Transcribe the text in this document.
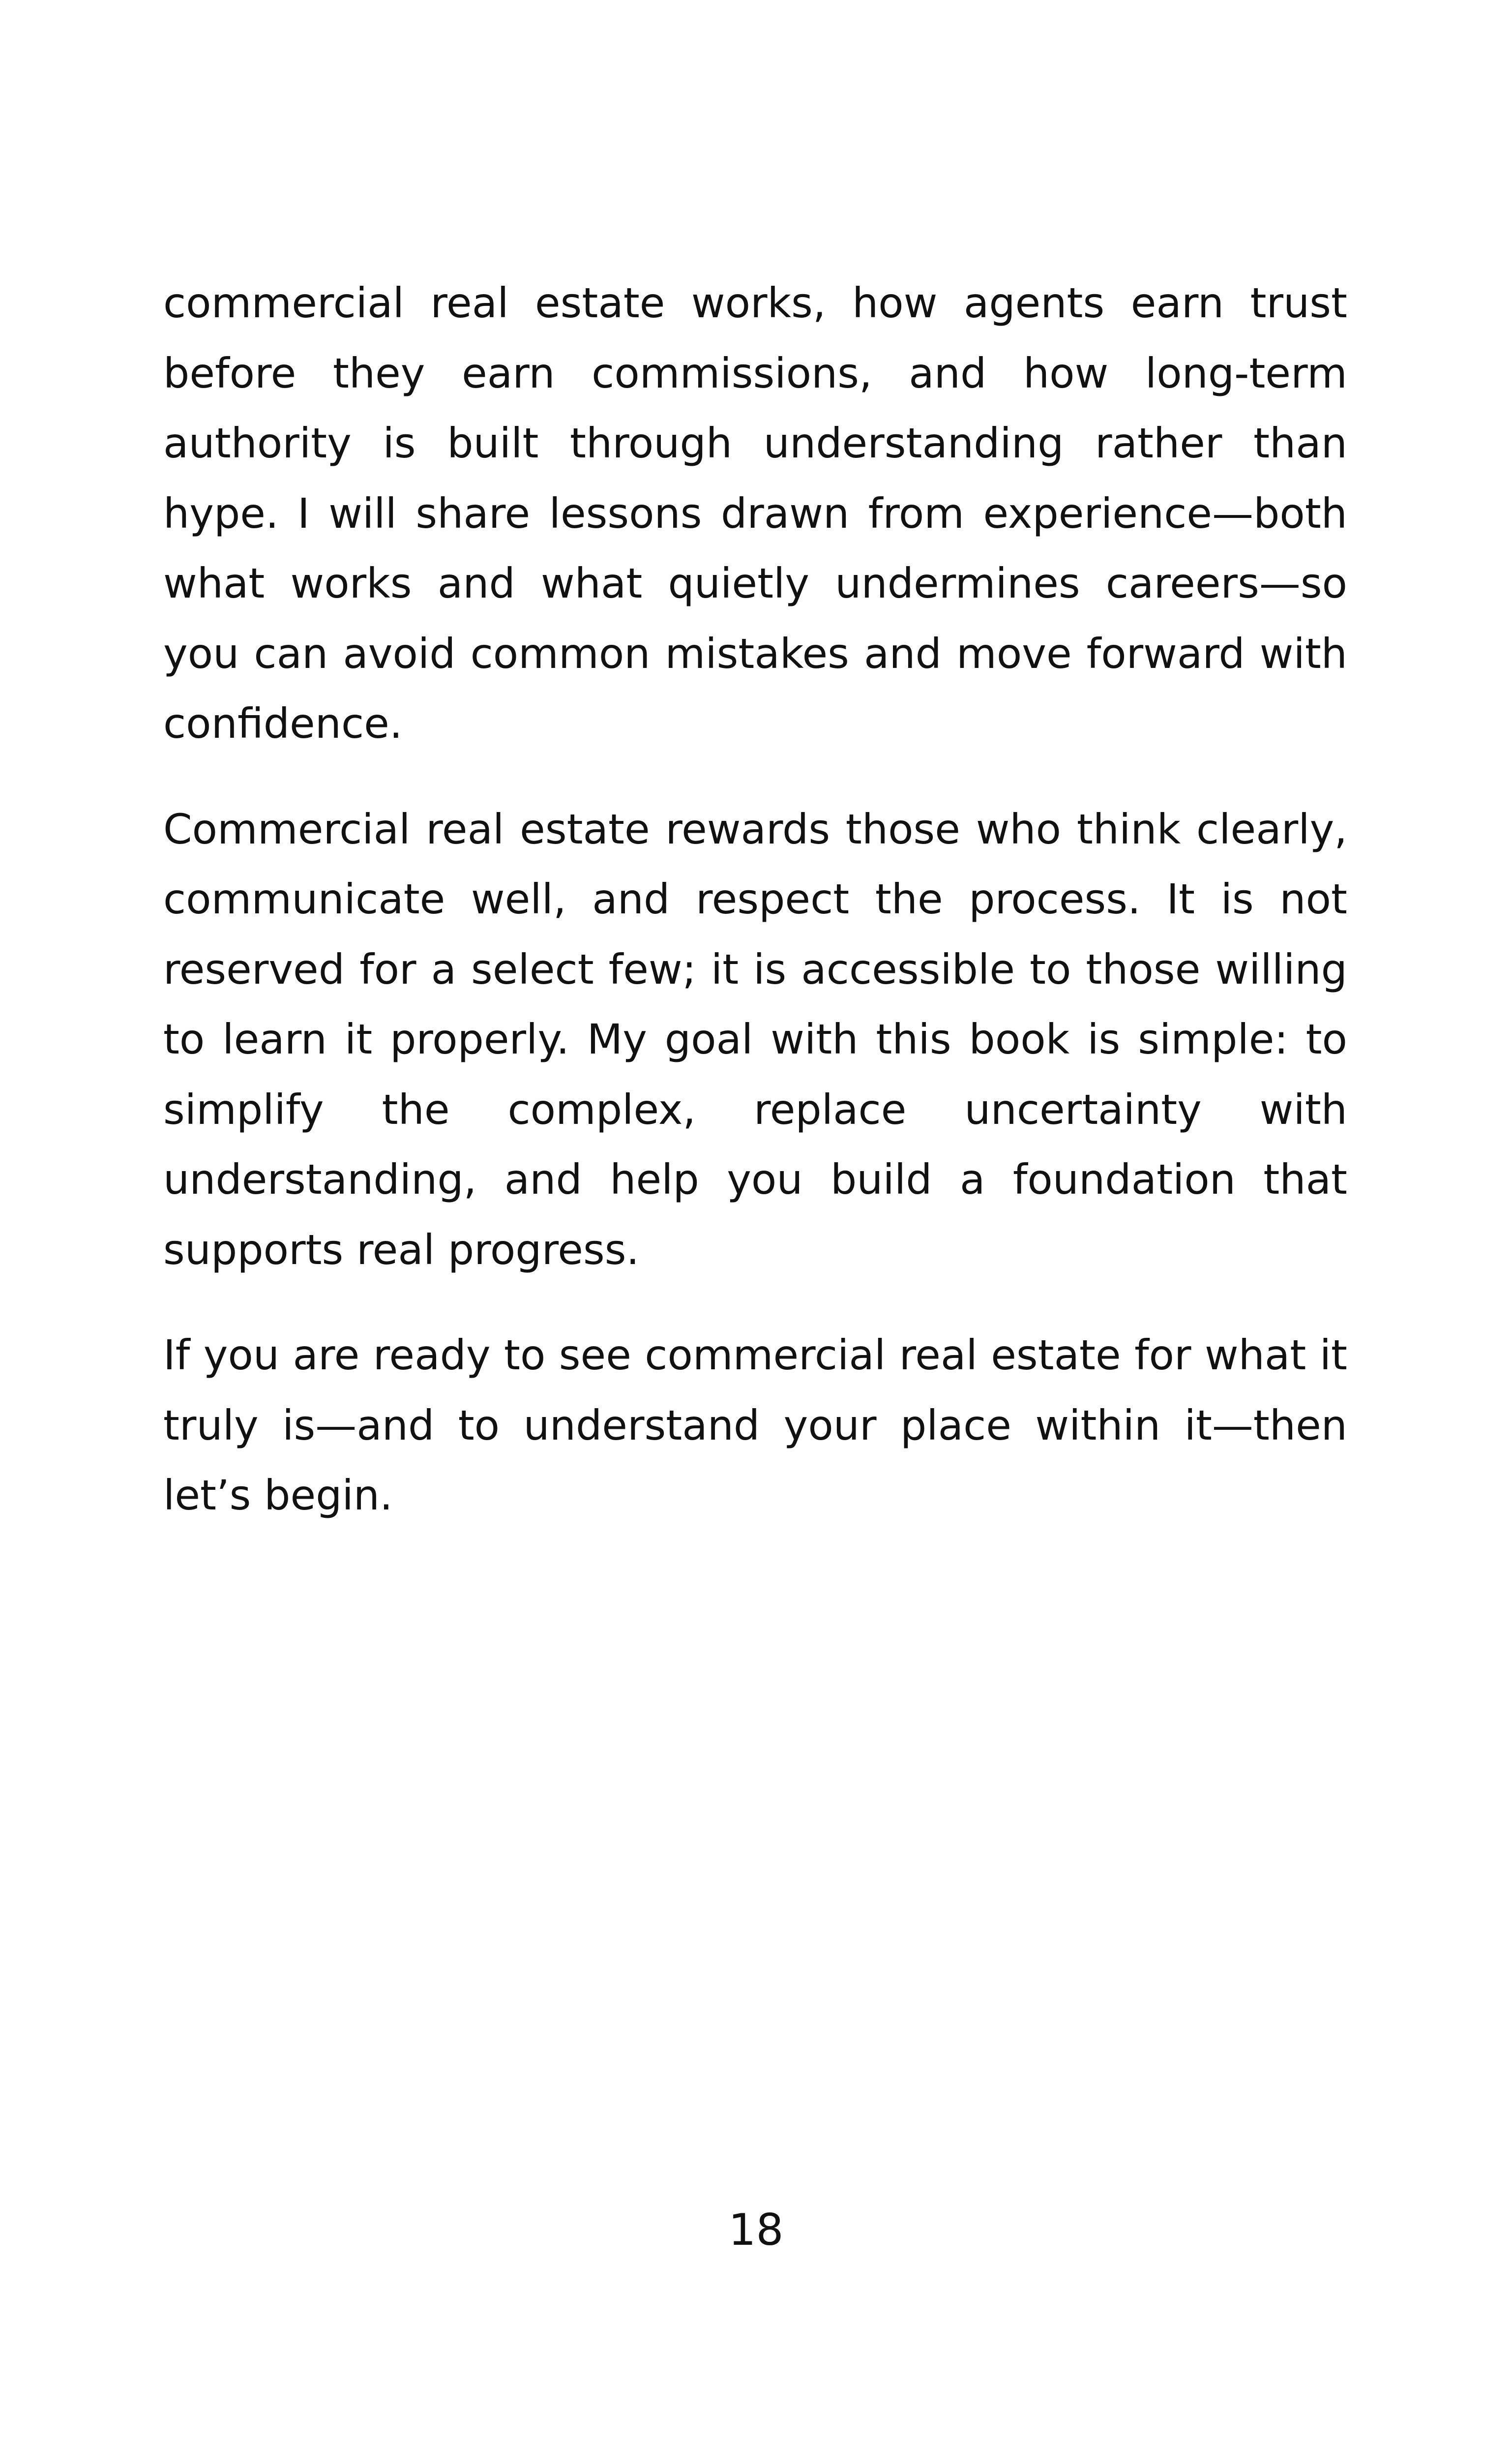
commercial real estate works, how agents earn trust before they earn commissions, and how long-term authority is built through understanding rather than hype. I will share lessons drawn from experience—both what works and what quietly undermines careers—so you can avoid common mistakes and move forward with confidence.

Commercial real estate rewards those who think clearly, communicate well, and respect the process. It is not reserved for a select few; it is accessible to those willing to learn it properly. My goal with this book is simple: to simplify the complex, replace uncertainty with understanding, and help you build a foundation that supports real progress.

If you are ready to see commercial real estate for what it truly is—and to understand your place within it—then let’s begin.

18
